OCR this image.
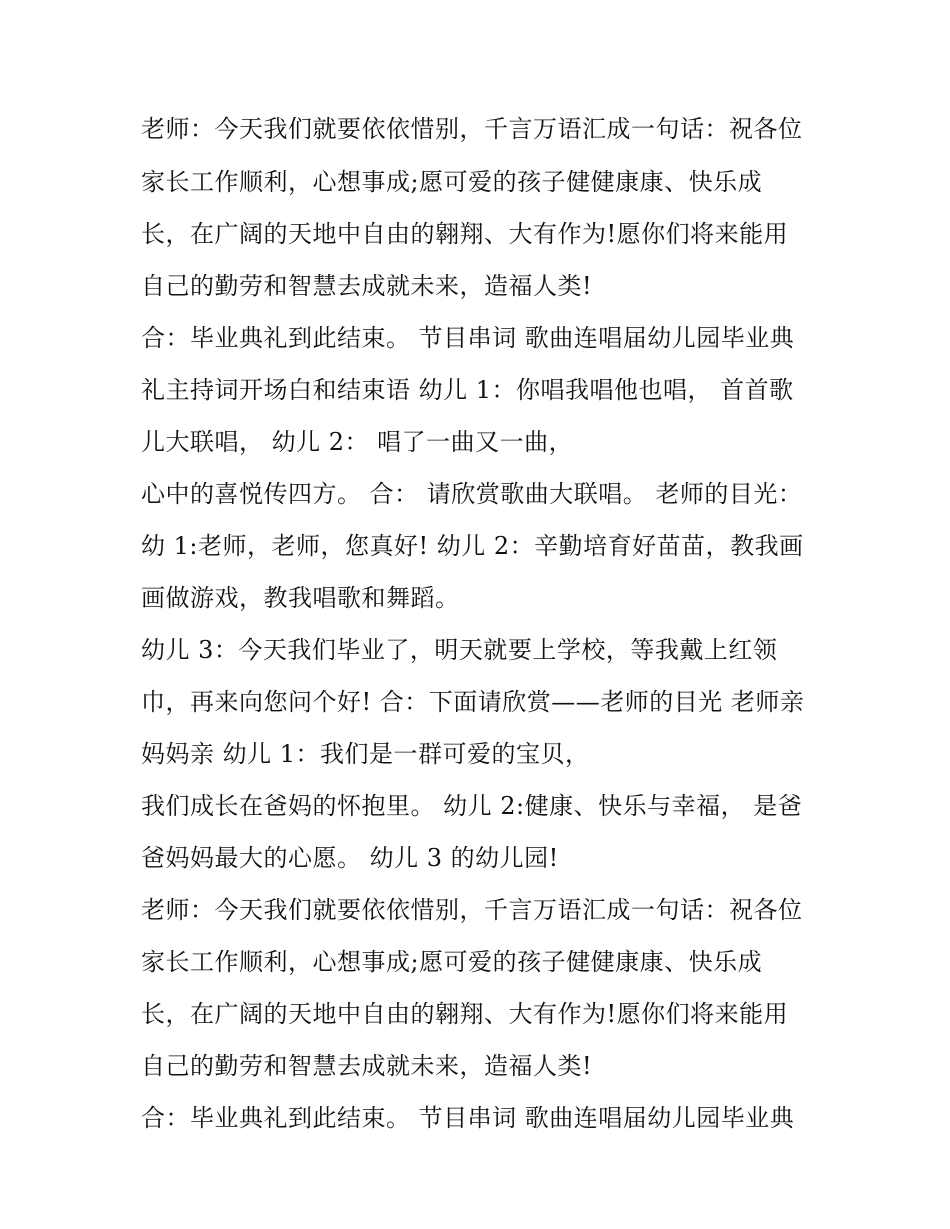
老师：今天我们就要依依惜别，千言万语汇成一句话：祝各位
家长工作顺利，心想事成;愿可爱的孩子健健康康、快乐成
长，在广阔的天地中自由的翱翔、大有作为!愿你们将来能用
自己的勤劳和智慧去成就未来，造福人类!
合：毕业典礼到此结束。 节目串词 歌曲连唱届幼儿园毕业典
礼主持词开场白和结束语 幼儿 1：你唱我唱他也唱， 首首歌
儿大联唱， 幼儿 2： 唱了一曲又一曲，
心中的喜悦传四方。 合： 请欣赏歌曲大联唱。 老师的目光：
幼 1:老师，老师，您真好! 幼儿 2：辛勤培育好苗苗，教我画
画做游戏，教我唱歌和舞蹈。
幼儿 3：今天我们毕业了，明天就要上学校，等我戴上红领
巾，再来向您问个好! 合：下面请欣赏——老师的目光 老师亲
妈妈亲 幼儿 1：我们是一群可爱的宝贝，
我们成长在爸妈的怀抱里。 幼儿 2:健康、快乐与幸福， 是爸
爸妈妈最大的心愿。 幼儿 3 的幼儿园!
老师：今天我们就要依依惜别，千言万语汇成一句话：祝各位
家长工作顺利，心想事成;愿可爱的孩子健健康康、快乐成
长，在广阔的天地中自由的翱翔、大有作为!愿你们将来能用
自己的勤劳和智慧去成就未来，造福人类!
合：毕业典礼到此结束。 节目串词 歌曲连唱届幼儿园毕业典
